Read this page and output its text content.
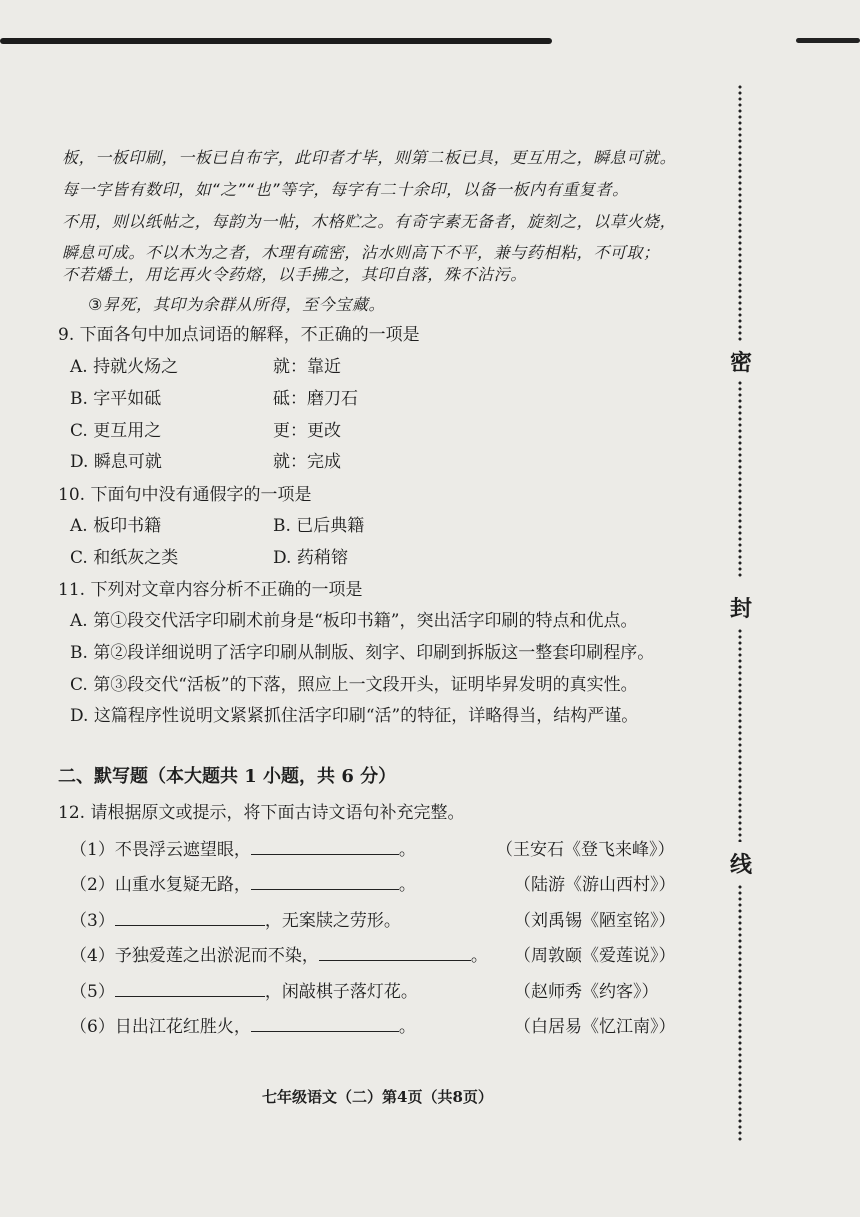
密
封
线
板，一板印刷，一板已自布字，此印者才毕，则第二板已具，更互用之，瞬息可就。
每一字皆有数印，如“之”“也”等字，每字有二十余印，以备一板内有重复者。
不用，则以纸帖之，每韵为一帖，木格贮之。有奇字素无备者，旋刻之，以草火烧，
瞬息可成。不以木为之者，木理有疏密，沾水则高下不平，兼与药相粘，不可取；
不若燔土，用讫再火令药熔，以手拂之，其印自落，殊不沾污。
③昇死，其印为余群从所得，至今宝藏。
9. 下面各句中加点词语的解释，不正确的一项是
A. 持就火炀之	就：靠近
B. 字平如砥	砥：磨刀石
C. 更互用之	更：更改
D. 瞬息可就	就：完成
10. 下面句中没有通假字的一项是
A. 板印书籍	B. 已后典籍
C. 和纸灰之类	D. 药稍镕
11. 下列对文章内容分析不正确的一项是
A. 第①段交代活字印刷术前身是“板印书籍”，突出活字印刷的特点和优点。
B. 第②段详细说明了活字印刷从制版、刻字、印刷到拆版这一整套印刷程序。
C. 第③段交代“活板”的下落，照应上一文段开头，证明毕昇发明的真实性。
D. 这篇程序性说明文紧紧抓住活字印刷“活”的特征，详略得当，结构严谨。
二、默写题（本大题共 1 小题，共 6 分）
12. 请根据原文或提示，将下面古诗文语句补充完整。
（1）不畏浮云遮望眼，	。	（王安石《登飞来峰》）
（2）山重水复疑无路，	。	（陆游《游山西村》）
（3）	，无案牍之劳形。	（刘禹锡《陋室铭》）
（4）予独爱莲之出淤泥而不染，	。 （周敦颐《爱莲说》）
（5）	，闲敲棋子落灯花。	（赵师秀《约客》）
（6）日出江花红胜火，	。	（白居易《忆江南》）
七年级语文（二）第4页（共8页）
